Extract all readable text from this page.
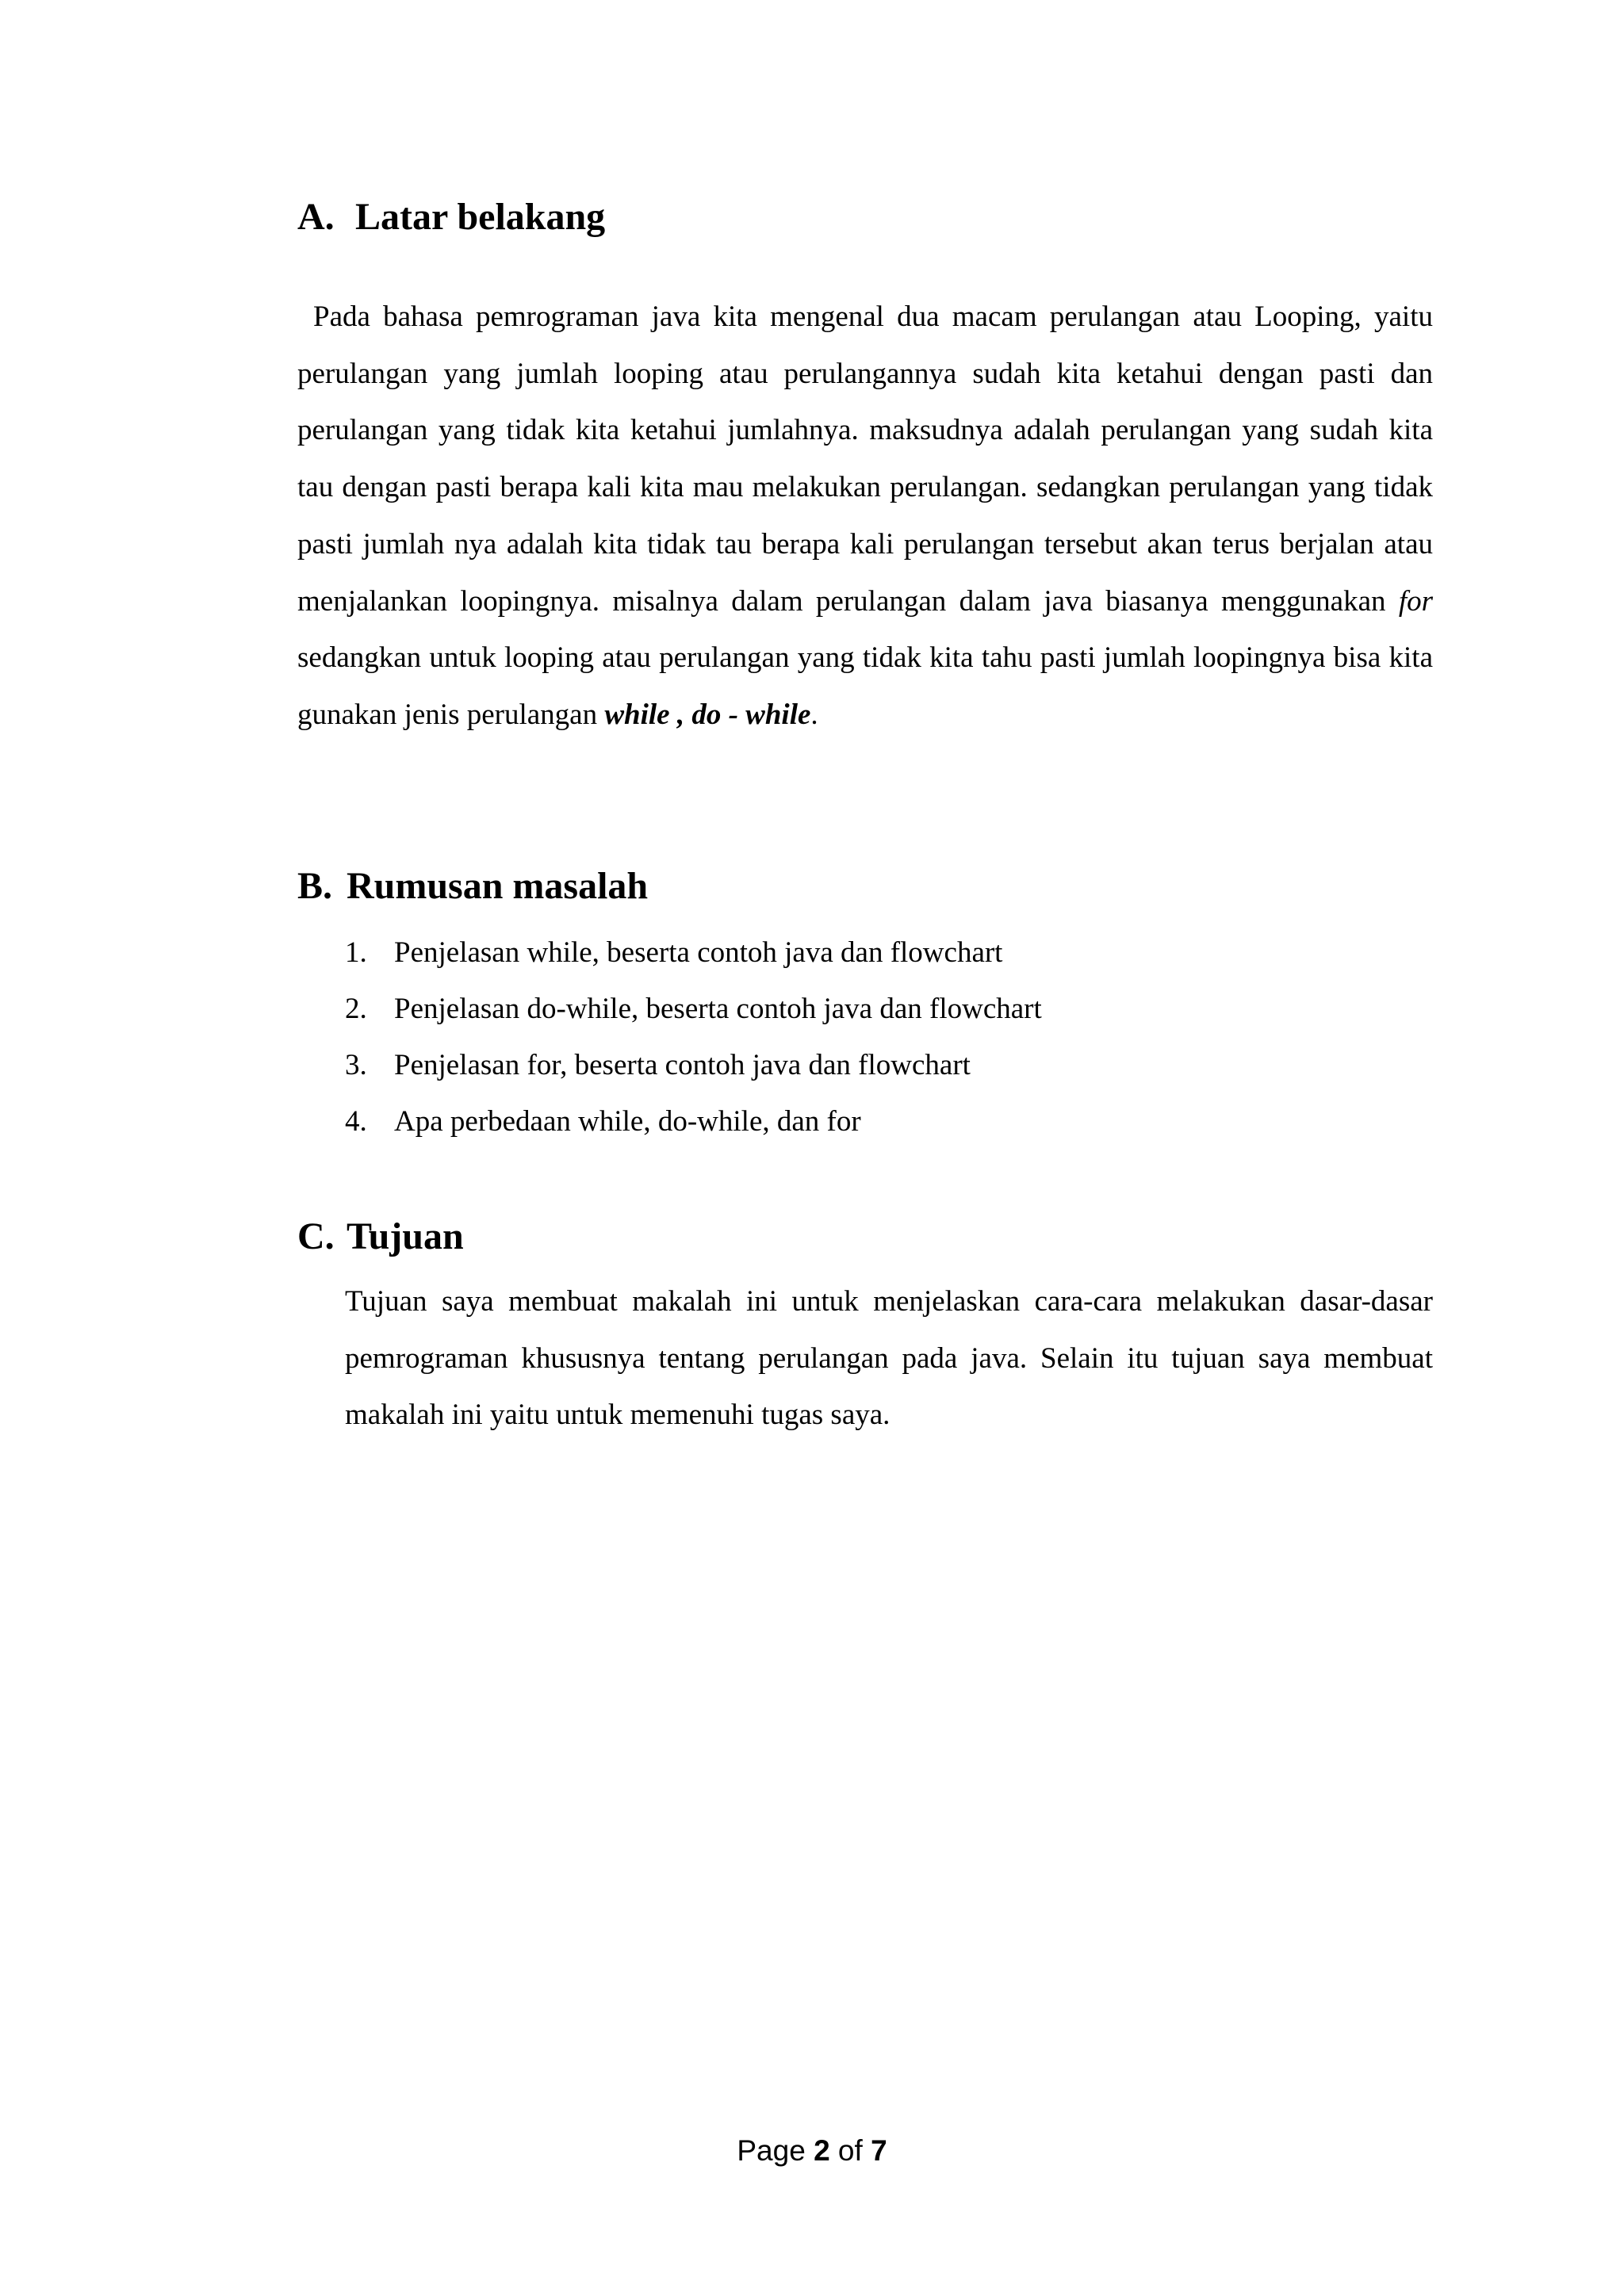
A. Latar belakang
Pada bahasa pemrograman java kita mengenal dua macam perulangan atau Looping, yaitu perulangan yang jumlah looping atau perulangannya sudah kita ketahui dengan pasti dan perulangan yang tidak kita ketahui jumlahnya. maksudnya adalah perulangan yang sudah kita tau dengan pasti berapa kali kita mau melakukan perulangan. sedangkan perulangan yang tidak pasti jumlah nya adalah kita tidak tau berapa kali perulangan tersebut akan terus berjalan atau menjalankan loopingnya. misalnya dalam perulangan dalam java biasanya menggunakan for sedangkan untuk looping atau perulangan yang tidak kita tahu pasti jumlah loopingnya bisa kita gunakan jenis perulangan while , do - while.
B. Rumusan masalah
1. Penjelasan while, beserta contoh java dan flowchart
2. Penjelasan do-while, beserta contoh java dan flowchart
3. Penjelasan for, beserta contoh java dan flowchart
4. Apa perbedaan while, do-while, dan for
C. Tujuan
Tujuan saya membuat makalah ini untuk menjelaskan cara-cara melakukan dasar-dasar pemrograman khususnya tentang perulangan pada java. Selain itu tujuan saya membuat makalah ini yaitu untuk memenuhi tugas saya.
Page 2 of 7
